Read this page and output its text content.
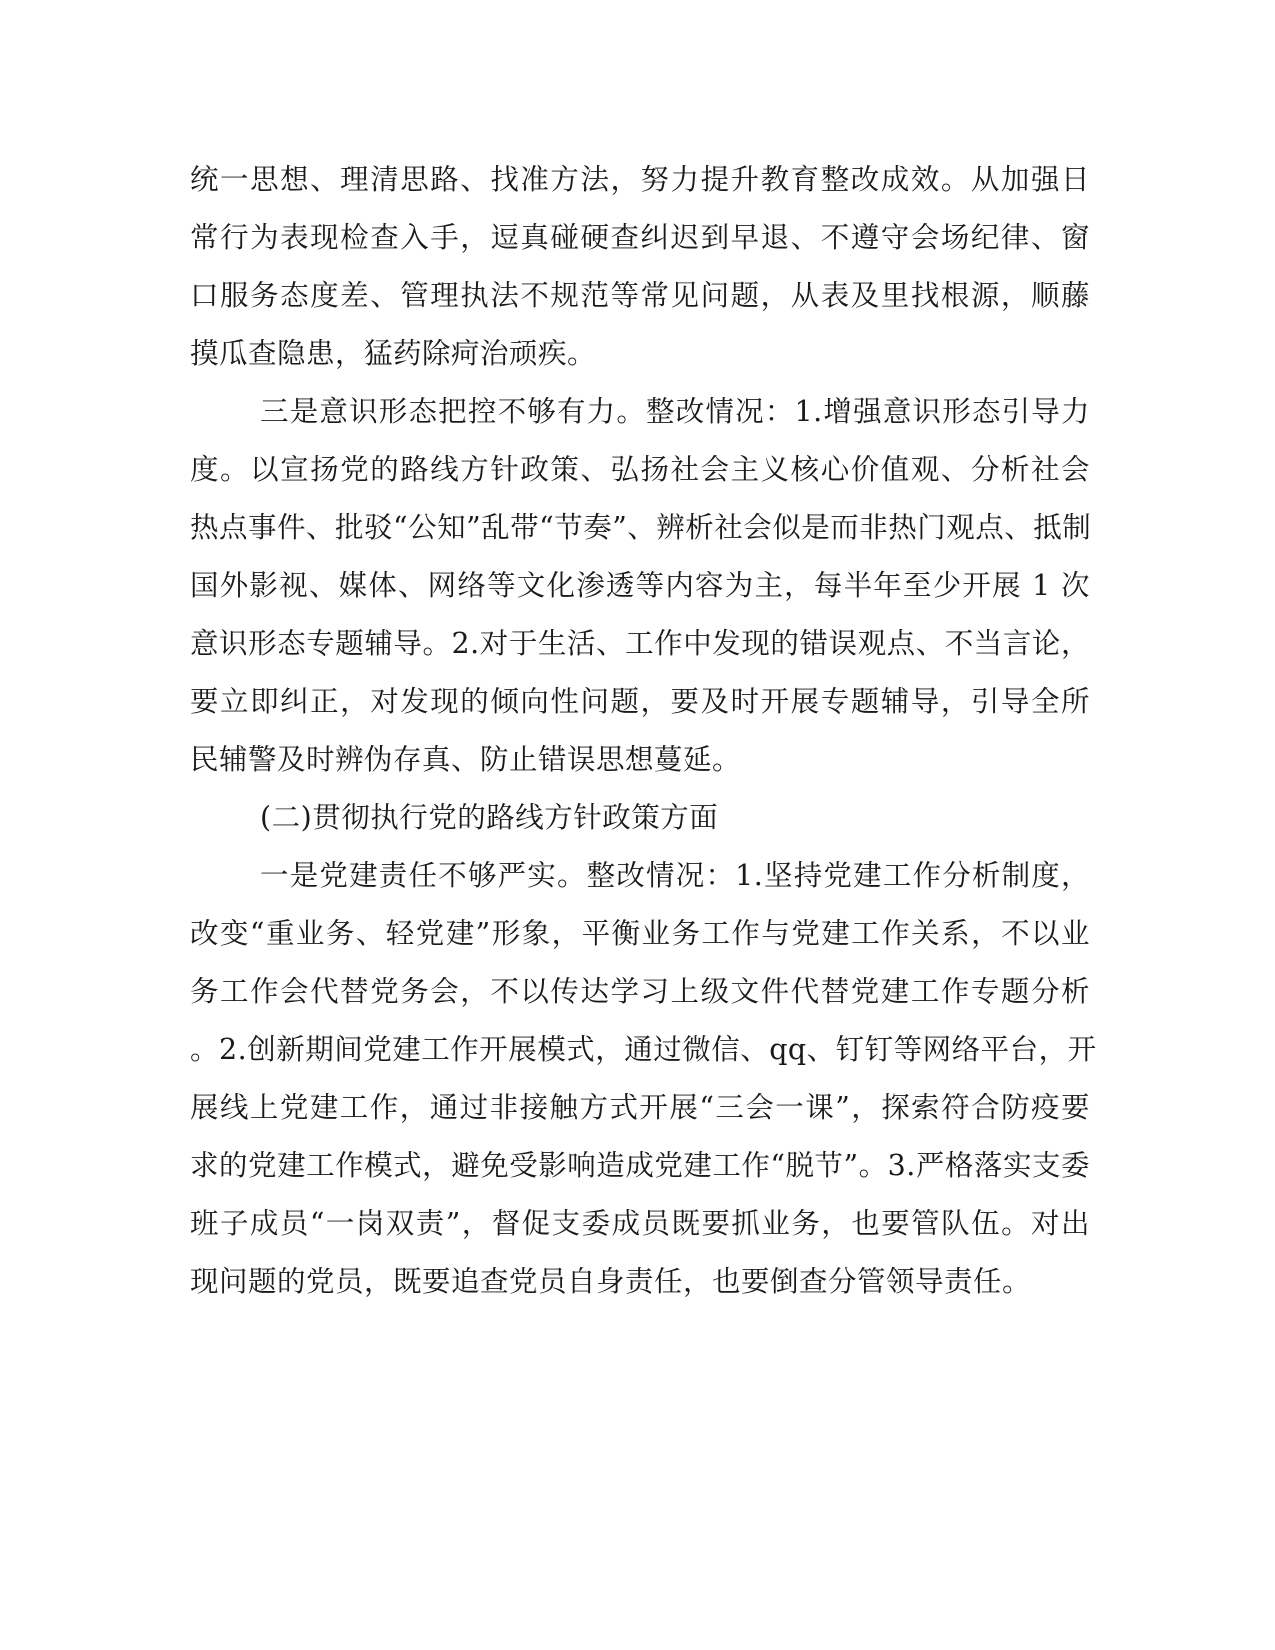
统一思想、理清思路、找准方法，努力提升教育整改成效。从加强日
常行为表现检查入手，逗真碰硬查纠迟到早退、不遵守会场纪律、窗
口服务态度差、管理执法不规范等常见问题，从表及里找根源，顺藤
摸瓜查隐患，猛药除疴治顽疾。
三是意识形态把控不够有力。整改情况：1.增强意识形态引导力
度。以宣扬党的路线方针政策、弘扬社会主义核心价值观、分析社会
热点事件、批驳“公知”乱带“节奏”、辨析社会似是而非热门观点、抵制
国外影视、媒体、网络等文化渗透等内容为主，每半年至少开展 1 次
意识形态专题辅导。2.对于生活、工作中发现的错误观点、不当言论，
要立即纠正，对发现的倾向性问题，要及时开展专题辅导，引导全所
民辅警及时辨伪存真、防止错误思想蔓延。
(二)贯彻执行党的路线方针政策方面
一是党建责任不够严实。整改情况：1.坚持党建工作分析制度，
改变“重业务、轻党建”形象，平衡业务工作与党建工作关系，不以业
务工作会代替党务会，不以传达学习上级文件代替党建工作专题分析
。2.创新期间党建工作开展模式，通过微信、qq、钉钉等网络平台，开
展线上党建工作，通过非接触方式开展“三会一课”，探索符合防疫要
求的党建工作模式，避免受影响造成党建工作“脱节”。3.严格落实支委
班子成员“一岗双责”，督促支委成员既要抓业务，也要管队伍。对出
现问题的党员，既要追查党员自身责任，也要倒查分管领导责任。
